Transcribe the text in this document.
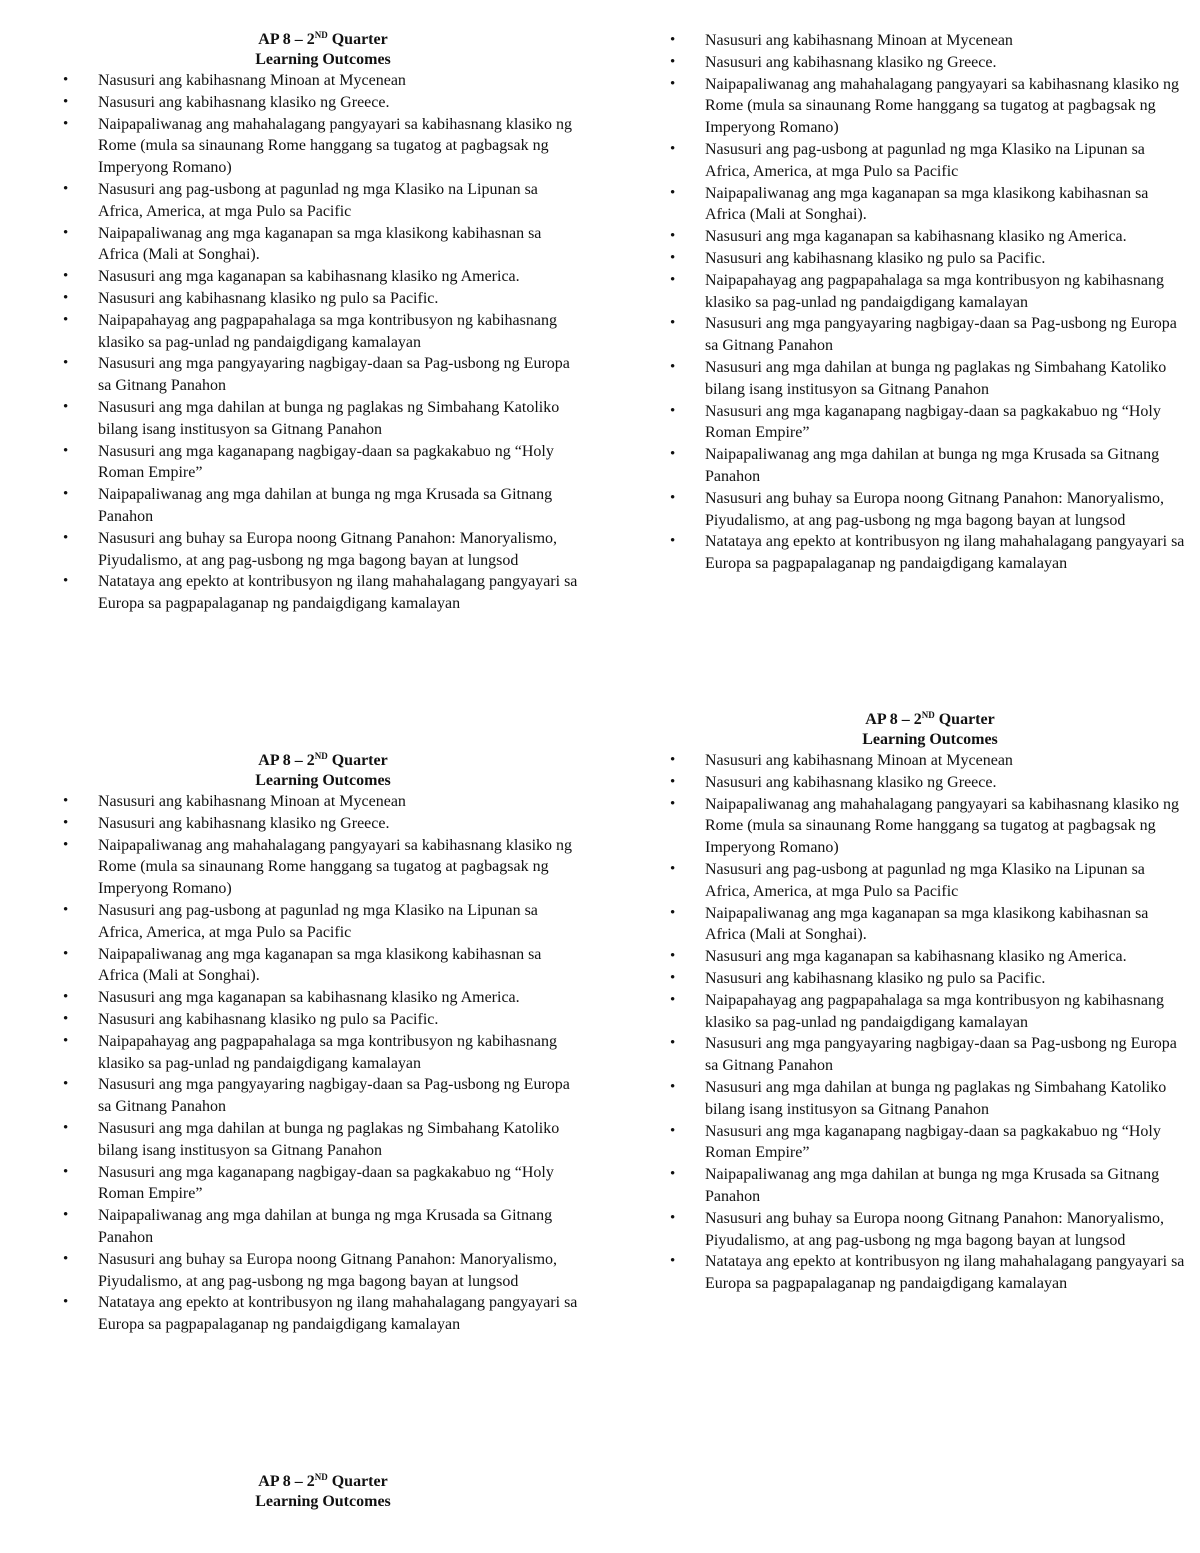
AP 8 – 2ND Quarter
Learning Outcomes
• Nasusuri ang kabihasnang Minoan at Mycenean
• Nasusuri ang kabihasnang klasiko ng Greece.
• Naipapaliwanag ang mahahalagang pangyayari sa kabihasnang klasiko ng Rome (mula sa sinaunang Rome hanggang sa tugatog at pagbagsak ng Imperyong Romano)
• Nasusuri ang pag-usbong at pagunlad ng mga Klasiko na Lipunan sa Africa, America, at mga Pulo sa Pacific
• Naipapaliwanag ang mga kaganapan sa mga klasikong kabihasnan sa Africa (Mali at Songhai).
• Nasusuri ang mga kaganapan sa kabihasnang klasiko ng America.
• Nasusuri ang kabihasnang klasiko ng pulo sa Pacific.
• Naipapahayag ang pagpapahalaga sa mga kontribusyon ng kabihasnang klasiko sa pag-unlad ng pandaigdigang kamalayan
• Nasusuri ang mga pangyayaring nagbigay-daan sa Pag-usbong ng Europa sa Gitnang Panahon
• Nasusuri ang mga dahilan at bunga ng paglakas ng Simbahang Katoliko bilang isang institusyon sa Gitnang Panahon
• Nasusuri ang mga kaganapang nagbigay-daan sa pagkakabuo ng “Holy Roman Empire”
• Naipapaliwanag ang mga dahilan at bunga ng mga Krusada sa Gitnang Panahon
• Nasusuri ang buhay sa Europa noong Gitnang Panahon: Manoryalismo, Piyudalismo, at ang pag-usbong ng mga bagong bayan at lungsod
• Natataya ang epekto at kontribusyon ng ilang mahahalagang pangyayari sa Europa sa pagpapalaganap ng pandaigdigang kamalayan
• Nasusuri ang kabihasnang Minoan at Mycenean
• Nasusuri ang kabihasnang klasiko ng Greece.
• Naipapaliwanag ang mahahalagang pangyayari sa kabihasnang klasiko ng Rome (mula sa sinaunang Rome hanggang sa tugatog at pagbagsak ng Imperyong Romano)
• Nasusuri ang pag-usbong at pagunlad ng mga Klasiko na Lipunan sa Africa, America, at mga Pulo sa Pacific
• Naipapaliwanag ang mga kaganapan sa mga klasikong kabihasnan sa Africa (Mali at Songhai).
• Nasusuri ang mga kaganapan sa kabihasnang klasiko ng America.
• Nasusuri ang kabihasnang klasiko ng pulo sa Pacific.
• Naipapahayag ang pagpapahalaga sa mga kontribusyon ng kabihasnang klasiko sa pag-unlad ng pandaigdigang kamalayan
• Nasusuri ang mga pangyayaring nagbigay-daan sa Pag-usbong ng Europa sa Gitnang Panahon
• Nasusuri ang mga dahilan at bunga ng paglakas ng Simbahang Katoliko bilang isang institusyon sa Gitnang Panahon
• Nasusuri ang mga kaganapang nagbigay-daan sa pagkakabuo ng “Holy Roman Empire”
• Naipapaliwanag ang mga dahilan at bunga ng mga Krusada sa Gitnang Panahon
• Nasusuri ang buhay sa Europa noong Gitnang Panahon: Manoryalismo, Piyudalismo, at ang pag-usbong ng mga bagong bayan at lungsod
• Natataya ang epekto at kontribusyon ng ilang mahahalagang pangyayari sa Europa sa pagpapalaganap ng pandaigdigang kamalayan
AP 8 – 2ND Quarter
Learning Outcomes
• Nasusuri ang kabihasnang Minoan at Mycenean
• Nasusuri ang kabihasnang klasiko ng Greece.
• Naipapaliwanag ang mahahalagang pangyayari sa kabihasnang klasiko ng Rome (mula sa sinaunang Rome hanggang sa tugatog at pagbagsak ng Imperyong Romano)
• Nasusuri ang pag-usbong at pagunlad ng mga Klasiko na Lipunan sa Africa, America, at mga Pulo sa Pacific
• Naipapaliwanag ang mga kaganapan sa mga klasikong kabihasnan sa Africa (Mali at Songhai).
• Nasusuri ang mga kaganapan sa kabihasnang klasiko ng America.
• Nasusuri ang kabihasnang klasiko ng pulo sa Pacific.
• Naipapahayag ang pagpapahalaga sa mga kontribusyon ng kabihasnang klasiko sa pag-unlad ng pandaigdigang kamalayan
• Nasusuri ang mga pangyayaring nagbigay-daan sa Pag-usbong ng Europa sa Gitnang Panahon
• Nasusuri ang mga dahilan at bunga ng paglakas ng Simbahang Katoliko bilang isang institusyon sa Gitnang Panahon
• Nasusuri ang mga kaganapang nagbigay-daan sa pagkakabuo ng “Holy Roman Empire”
• Naipapaliwanag ang mga dahilan at bunga ng mga Krusada sa Gitnang Panahon
• Nasusuri ang buhay sa Europa noong Gitnang Panahon: Manoryalismo, Piyudalismo, at ang pag-usbong ng mga bagong bayan at lungsod
• Natataya ang epekto at kontribusyon ng ilang mahahalagang pangyayari sa Europa sa pagpapalaganap ng pandaigdigang kamalayan
AP 8 – 2ND Quarter
Learning Outcomes
• Nasusuri ang kabihasnang Minoan at Mycenean
• Nasusuri ang kabihasnang klasiko ng Greece.
• Naipapaliwanag ang mahahalagang pangyayari sa kabihasnang klasiko ng Rome (mula sa sinaunang Rome hanggang sa tugatog at pagbagsak ng Imperyong Romano)
• Nasusuri ang pag-usbong at pagunlad ng mga Klasiko na Lipunan sa Africa, America, at mga Pulo sa Pacific
• Naipapaliwanag ang mga kaganapan sa mga klasikong kabihasnan sa Africa (Mali at Songhai).
• Nasusuri ang mga kaganapan sa kabihasnang klasiko ng America.
• Nasusuri ang kabihasnang klasiko ng pulo sa Pacific.
• Naipapahayag ang pagpapahalaga sa mga kontribusyon ng kabihasnang klasiko sa pag-unlad ng pandaigdigang kamalayan
• Nasusuri ang mga pangyayaring nagbigay-daan sa Pag-usbong ng Europa sa Gitnang Panahon
• Nasusuri ang mga dahilan at bunga ng paglakas ng Simbahang Katoliko bilang isang institusyon sa Gitnang Panahon
• Nasusuri ang mga kaganapang nagbigay-daan sa pagkakabuo ng “Holy Roman Empire”
• Naipapaliwanag ang mga dahilan at bunga ng mga Krusada sa Gitnang Panahon
• Nasusuri ang buhay sa Europa noong Gitnang Panahon: Manoryalismo, Piyudalismo, at ang pag-usbong ng mga bagong bayan at lungsod
• Natataya ang epekto at kontribusyon ng ilang mahahalagang pangyayari sa Europa sa pagpapalaganap ng pandaigdigang kamalayan
AP 8 – 2ND Quarter
Learning Outcomes
